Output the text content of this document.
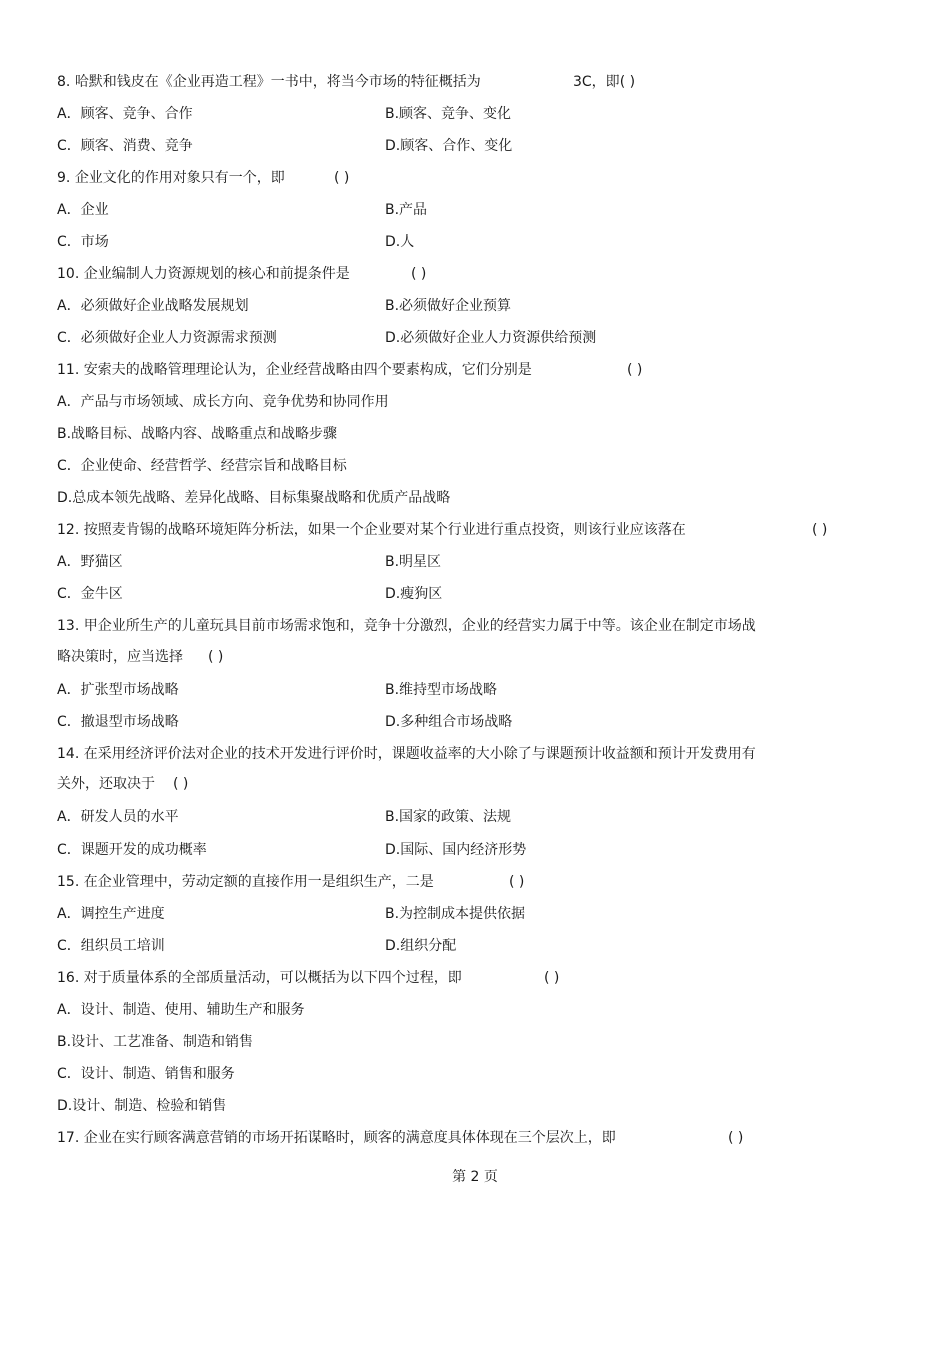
8. 哈默和钱皮在《企业再造工程》一书中，将当今市场的特征概括为	3C，即( )
A．顾客、竞争、合作	B.顾客、竞争、变化
C．顾客、消费、竞争	D.顾客、合作、变化
9. 企业文化的作用对象只有一个，即	( )
A．企业	B.产品
C．市场	D.人
10. 企业编制人力资源规划的核心和前提条件是	( )
A．必须做好企业战略发展规划	B.必须做好企业预算
C．必须做好企业人力资源需求预测	D.必须做好企业人力资源供给预测
11. 安索夫的战略管理理论认为，企业经营战略由四个要素构成，它们分别是	( )
A．产品与市场领域、成长方向、竞争优势和协同作用
B.战略目标、战略内容、战略重点和战略步骤
C．企业使命、经营哲学、经营宗旨和战略目标
D.总成本领先战略、差异化战略、目标集聚战略和优质产品战略
12. 按照麦肯锡的战略环境矩阵分析法，如果一个企业要对某个行业进行重点投资，则该行业应该落在	( )
A．野猫区	B.明星区
C．金牛区	D.瘦狗区
13. 甲企业所生产的儿童玩具目前市场需求饱和，竞争十分激烈，企业的经营实力属于中等。该企业在制定市场战
略决策时，应当选择 ( )
A．扩张型市场战略	B.维持型市场战略
C．撤退型市场战略	D.多种组合市场战略
14. 在采用经济评价法对企业的技术开发进行评价时，课题收益率的大小除了与课题预计收益额和预计开发费用有
关外，还取决于 ( )
A．研发人员的水平	B.国家的政策、法规
C．课题开发的成功概率	D.国际、国内经济形势
15. 在企业管理中，劳动定额的直接作用一是组织生产，二是	( )
A．调控生产进度	B.为控制成本提供依据
C．组织员工培训	D.组织分配
16. 对于质量体系的全部质量活动，可以概括为以下四个过程，即	( )
A．设计、制造、使用、辅助生产和服务
B.设计、工艺准备、制造和销售
C．设计、制造、销售和服务
D.设计、制造、检验和销售
17. 企业在实行顾客满意营销的市场开拓谋略时，顾客的满意度具体体现在三个层次上，即	( )
第 2 页
